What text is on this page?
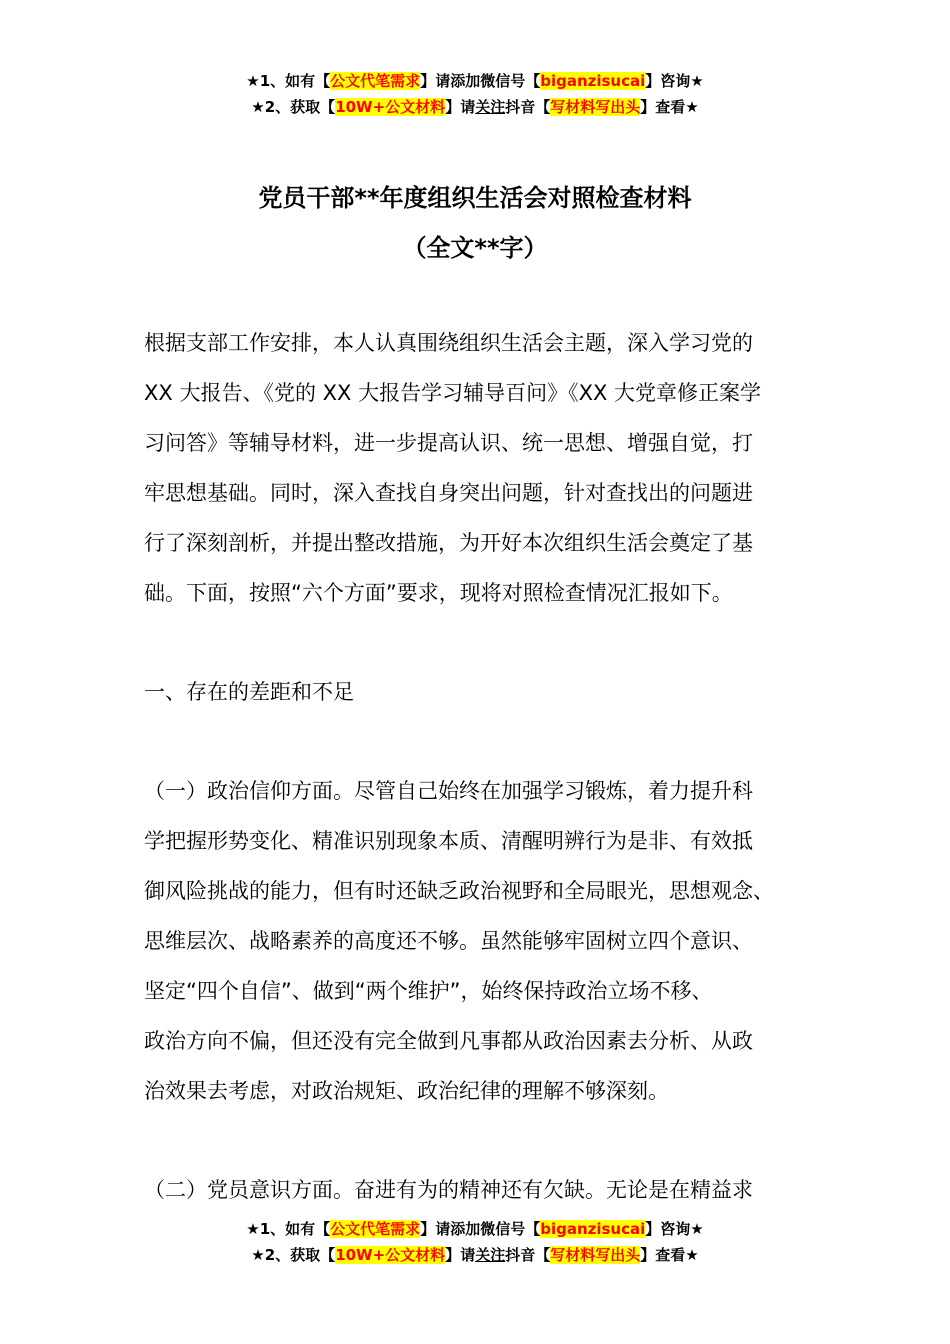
★1、如有【公文代笔需求】请添加微信号【biganzisucai】咨询★
★2、获取【10W+公文材料】请关注抖音【写材料写出头】查看★
党员干部**年度组织生活会对照检查材料
（全文**字）
根据支部工作安排，本人认真围绕组织生活会主题，深入学习党的
XX 大报告、《党的 XX 大报告学习辅导百问》《XX 大党章修正案学
习问答》等辅导材料，进一步提高认识、统一思想、增强自觉，打
牢思想基础。同时，深入查找自身突出问题，针对查找出的问题进
行了深刻剖析，并提出整改措施，为开好本次组织生活会奠定了基
础。下面，按照“六个方面”要求，现将对照检查情况汇报如下。
一、存在的差距和不足
（一）政治信仰方面。尽管自己始终在加强学习锻炼，着力提升科
学把握形势变化、精准识别现象本质、清醒明辨行为是非、有效抵
御风险挑战的能力，但有时还缺乏政治视野和全局眼光，思想观念、
思维层次、战略素养的高度还不够。虽然能够牢固树立四个意识、
坚定“四个自信”、做到“两个维护”，始终保持政治立场不移、
政治方向不偏，但还没有完全做到凡事都从政治因素去分析、从政
治效果去考虑，对政治规矩、政治纪律的理解不够深刻。
（二）党员意识方面。奋进有为的精神还有欠缺。无论是在精益求
★1、如有【公文代笔需求】请添加微信号【biganzisucai】咨询★
★2、获取【10W+公文材料】请关注抖音【写材料写出头】查看★
